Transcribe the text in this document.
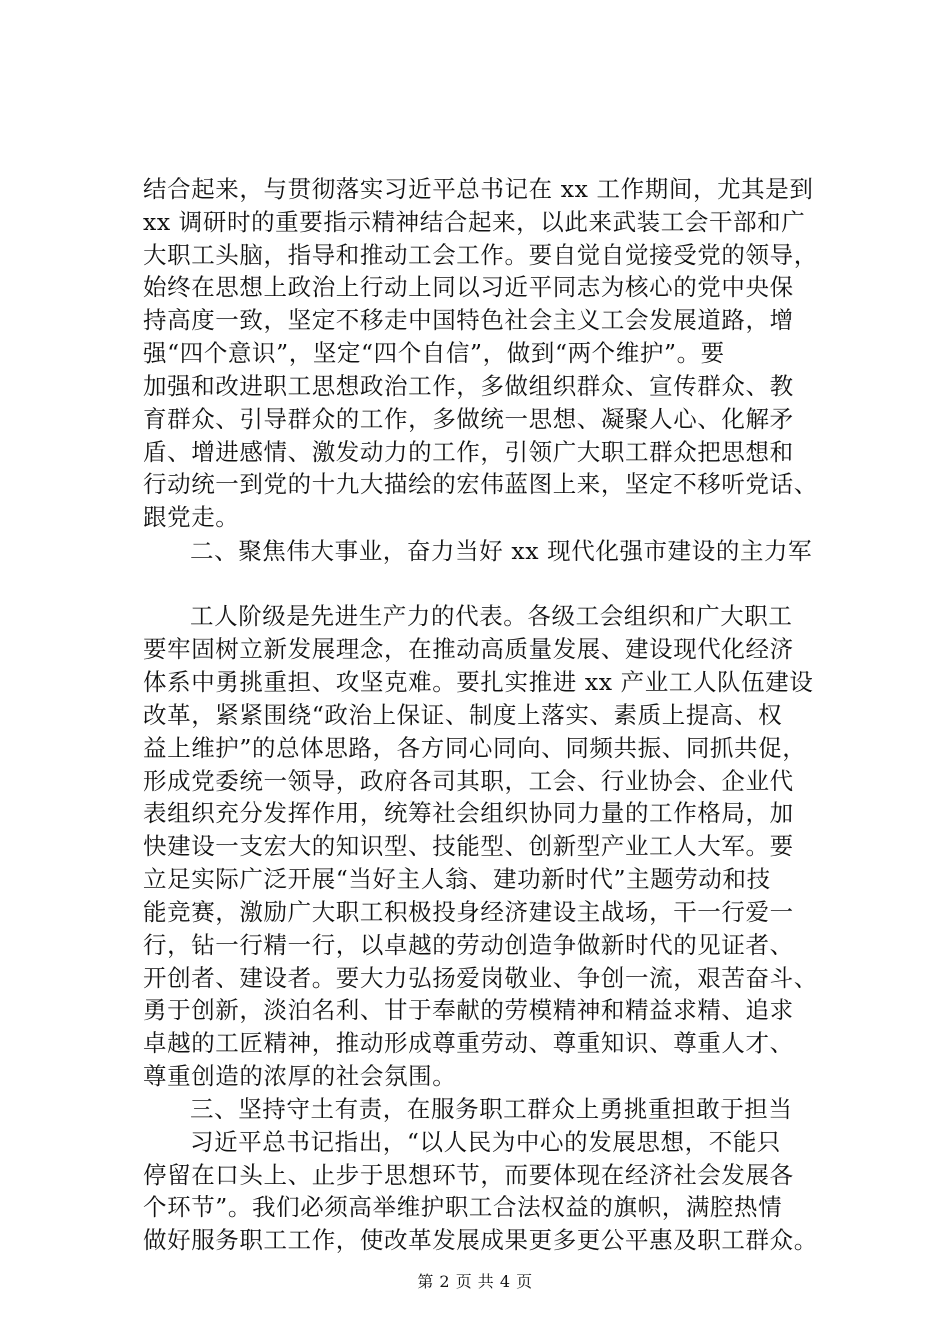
结合起来，与贯彻落实习近平总书记在 xx 工作期间，尤其是到
xx 调研时的重要指示精神结合起来，以此来武装工会干部和广
大职工头脑，指导和推动工会工作。要自觉自觉接受党的领导，
始终在思想上政治上行动上同以习近平同志为核心的党中央保
持高度一致，坚定不移走中国特色社会主义工会发展道路，增
强“四个意识”，坚定“四个自信”，做到“两个维护”。要
加强和改进职工思想政治工作，多做组织群众、宣传群众、教
育群众、引导群众的工作，多做统一思想、凝聚人心、化解矛
盾、增进感情、激发动力的工作，引领广大职工群众把思想和
行动统一到党的十九大描绘的宏伟蓝图上来，坚定不移听党话、
跟党走。
二、聚焦伟大事业，奋力当好 xx 现代化强市建设的主力军
工人阶级是先进生产力的代表。各级工会组织和广大职工
要牢固树立新发展理念，在推动高质量发展、建设现代化经济
体系中勇挑重担、攻坚克难。要扎实推进 xx 产业工人队伍建设
改革，紧紧围绕“政治上保证、制度上落实、素质上提高、权
益上维护”的总体思路，各方同心同向、同频共振、同抓共促，
形成党委统一领导，政府各司其职，工会、行业协会、企业代
表组织充分发挥作用，统筹社会组织协同力量的工作格局，加
快建设一支宏大的知识型、技能型、创新型产业工人大军。要
立足实际广泛开展“当好主人翁、建功新时代”主题劳动和技
能竞赛，激励广大职工积极投身经济建设主战场，干一行爱一
行，钻一行精一行，以卓越的劳动创造争做新时代的见证者、
开创者、建设者。要大力弘扬爱岗敬业、争创一流，艰苦奋斗、
勇于创新，淡泊名利、甘于奉献的劳模精神和精益求精、追求
卓越的工匠精神，推动形成尊重劳动、尊重知识、尊重人才、
尊重创造的浓厚的社会氛围。
三、坚持守土有责，在服务职工群众上勇挑重担敢于担当
习近平总书记指出，“以人民为中心的发展思想，不能只
停留在口头上、止步于思想环节，而要体现在经济社会发展各
个环节”。我们必须高举维护职工合法权益的旗帜，满腔热情
做好服务职工工作，使改革发展成果更多更公平惠及职工群众。
第 2 页 共 4 页
